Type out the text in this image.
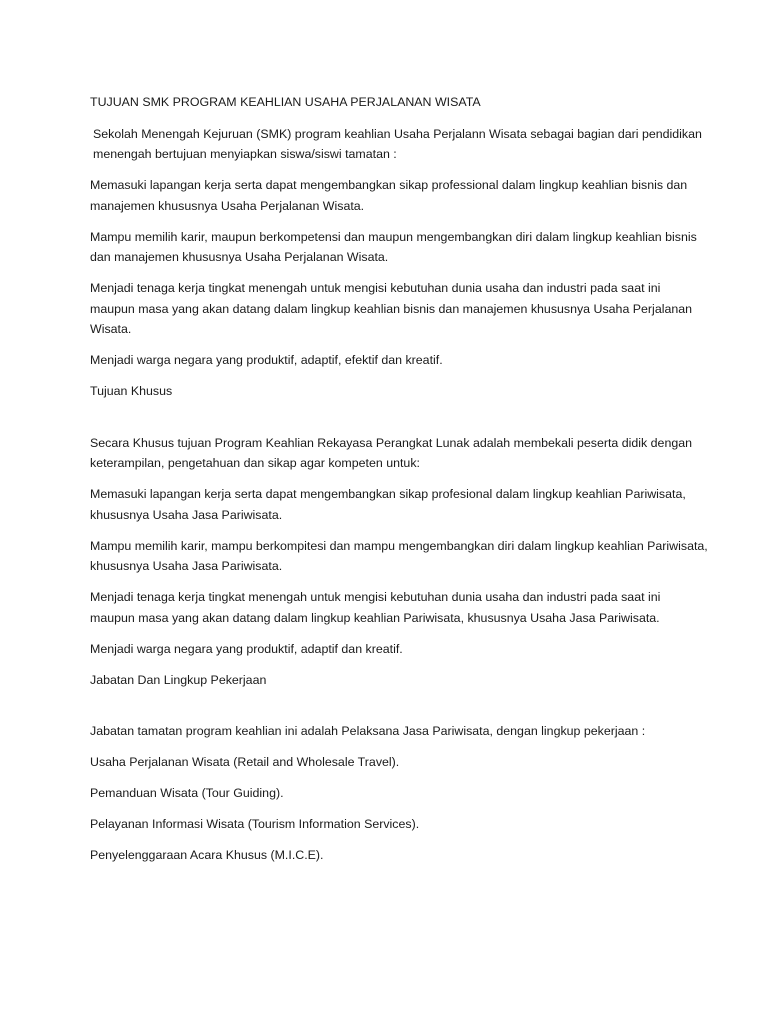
TUJUAN SMK PROGRAM KEAHLIAN USAHA PERJALANAN WISATA

Sekolah Menengah Kejuruan (SMK) program keahlian Usaha Perjalann Wisata sebagai bagian dari pendidikan menengah bertujuan menyiapkan siswa/siswi tamatan :

Memasuki lapangan kerja serta dapat mengembangkan sikap professional dalam lingkup keahlian bisnis dan manajemen khususnya Usaha Perjalanan Wisata.

Mampu memilih karir, maupun berkompetensi dan maupun mengembangkan diri dalam lingkup keahlian bisnis dan manajemen khususnya Usaha Perjalanan Wisata.

Menjadi tenaga kerja tingkat menengah untuk mengisi kebutuhan dunia usaha dan industri pada saat ini maupun masa yang akan datang dalam lingkup keahlian bisnis dan manajemen khususnya Usaha Perjalanan Wisata.

Menjadi warga negara yang produktif, adaptif, efektif dan kreatif.

Tujuan Khusus

Secara Khusus tujuan Program Keahlian Rekayasa Perangkat Lunak adalah membekali peserta didik dengan keterampilan, pengetahuan dan sikap agar kompeten untuk:

Memasuki lapangan kerja serta dapat mengembangkan sikap profesional dalam lingkup keahlian Pariwisata, khususnya Usaha Jasa Pariwisata.

Mampu memilih karir, mampu berkompitesi dan mampu mengembangkan diri dalam lingkup keahlian Pariwisata, khususnya Usaha Jasa Pariwisata.

Menjadi tenaga kerja tingkat menengah untuk mengisi kebutuhan dunia usaha dan industri pada saat ini maupun masa yang akan datang dalam lingkup keahlian Pariwisata, khususnya Usaha Jasa Pariwisata.

Menjadi warga negara yang produktif, adaptif dan kreatif.

Jabatan Dan Lingkup Pekerjaan

Jabatan tamatan program keahlian ini adalah Pelaksana Jasa Pariwisata, dengan lingkup pekerjaan :

Usaha Perjalanan Wisata (Retail and Wholesale Travel).

Pemanduan Wisata (Tour Guiding).

Pelayanan Informasi Wisata (Tourism Information Services).

Penyelenggaraan Acara Khusus (M.I.C.E).
